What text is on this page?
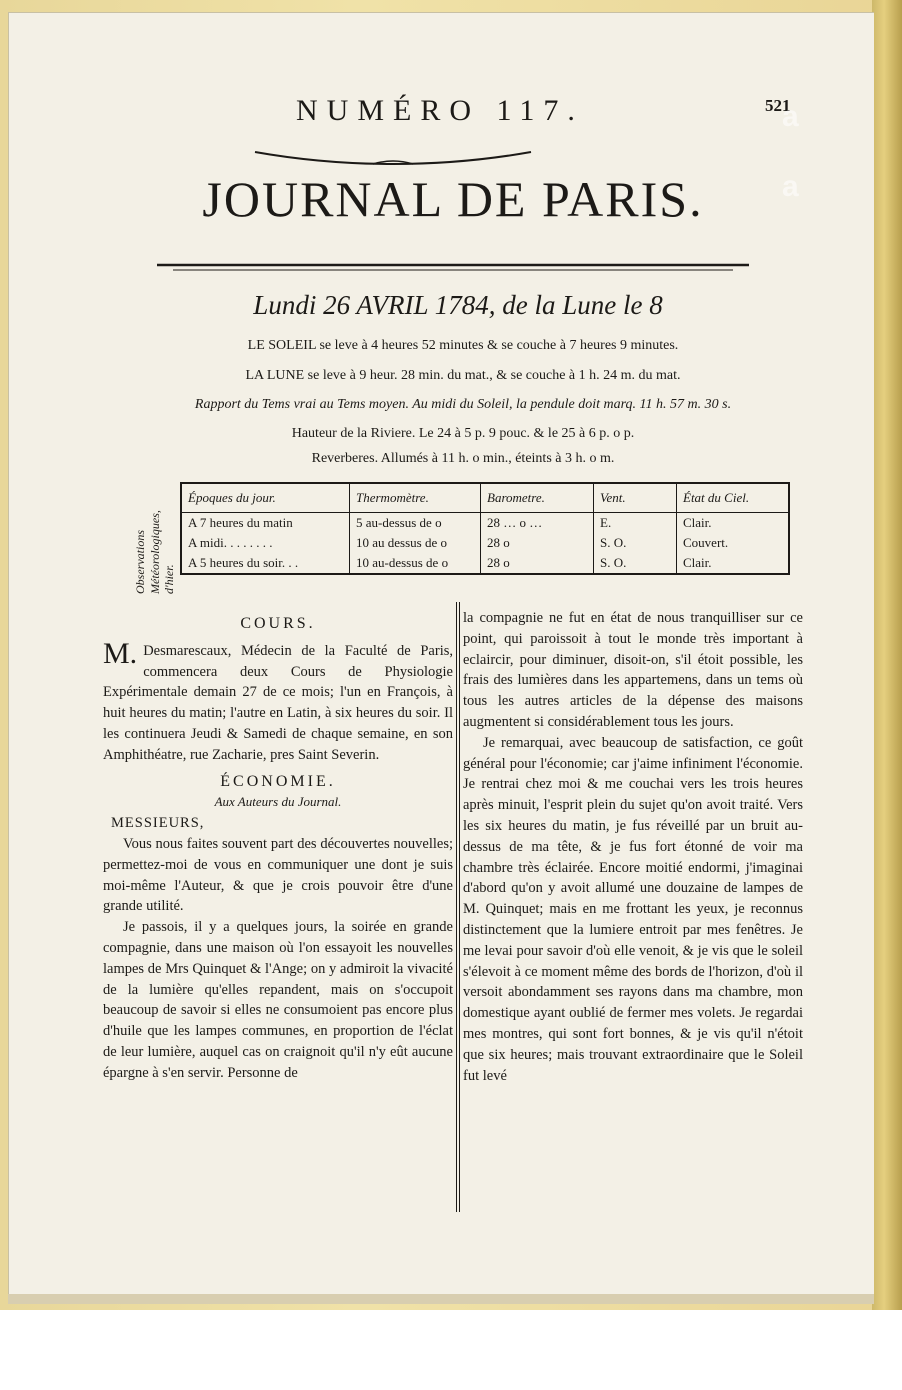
NUMÉRO 117.	521
JOURNAL DE PARIS.
Lundi 26 AVRIL 1784, de la Lune le 8
LE SOLEIL se leve à 4 heures 52 minutes & se couche à 7 heures 9 minutes.
LA LUNE se leve à 9 heur. 28 min. du mat., & se couche à 1 h. 24 m. du mat.
Rapport du Tems vrai au Tems moyen. Au midi du Soleil, la pendule doit marq. 11 h. 57 m. 30 s.
Hauteur de la Riviere. Le 24 à 5 p. 9 pouc. & le 25 à 6 p. o p.
Reverberes. Allumés à 11 h. o min., éteints à 3 h. o m.
Observations Météorologiques, d'hier.
Époques du jour.	Thermomètre.	Barometre.	Vent.	État du Ciel.
A 7 heures du matin	5 au-dessus de o	28 … o …	E.	Clair.
A midi. . . . . . . .	10 au dessus de o	28 o	S. O.	Couvert.
A 5 heures du soir. . .	10 au-dessus de o	28 o	S. O.	Clair.
COURS.

M. Desmarescaux, Médecin de la Faculté de Paris, commencera deux Cours de Physiologie Expérimentale demain 27 de ce mois; l'un en François, à huit heures du matin; l'autre en Latin, à six heures du soir. Il les continuera Jeudi & Samedi de chaque semaine, en son Amphithéatre, rue Zacharie, pres Saint Severin.

ÉCONOMIE.
Aux Auteurs du Journal.
MESSIEURS,

Vous nous faites souvent part des découvertes nouvelles; permettez-moi de vous en communiquer une dont je suis moi-même l'Auteur, & que je crois pouvoir être d'une grande utilité.

Je passois, il y a quelques jours, la soirée en grande compagnie, dans une maison où l'on essayoit les nouvelles lampes de Mrs Quinquet & l'Ange; on y admiroit la vivacité de la lumière qu'elles repandent, mais on s'occupoit beaucoup de savoir si elles ne consumoient pas encore plus d'huile que les lampes communes, en proportion de l'éclat de leur lumière, auquel cas on craignoit qu'il n'y eût aucune épargne à s'en servir. Personne de

la compagnie ne fut en état de nous tranquilliser sur ce point, qui paroissoit à tout le monde très important à eclaircir, pour diminuer, disoit-on, s'il étoit possible, les frais des lumières dans les appartemens, dans un tems où tous les autres articles de la dépense des maisons augmentent si considérablement tous les jours.

Je remarquai, avec beaucoup de satisfaction, ce goût général pour l'économie; car j'aime infiniment l'économie. Je rentrai chez moi & me couchai vers les trois heures après minuit, l'esprit plein du sujet qu'on avoit traité. Vers les six heures du matin, je fus réveillé par un bruit au-dessus de ma tête, & je fus fort étonné de voir ma chambre très éclairée. Encore moitié endormi, j'imaginai d'abord qu'on y avoit allumé une douzaine de lampes de M. Quinquet; mais en me frottant les yeux, je reconnus distinctement que la lumiere entroit par mes fenêtres. Je me levai pour savoir d'où elle venoit, & je vis que le soleil s'élevoit à ce moment même des bords de l'horizon, d'où il versoit abondamment ses rayons dans ma chambre, mon domestique ayant oublié de fermer mes volets. Je regardai mes montres, qui sont fort bonnes, & je vis qu'il n'étoit que six heures; mais trouvant extraordinaire que le Soleil fut levé

a
a
